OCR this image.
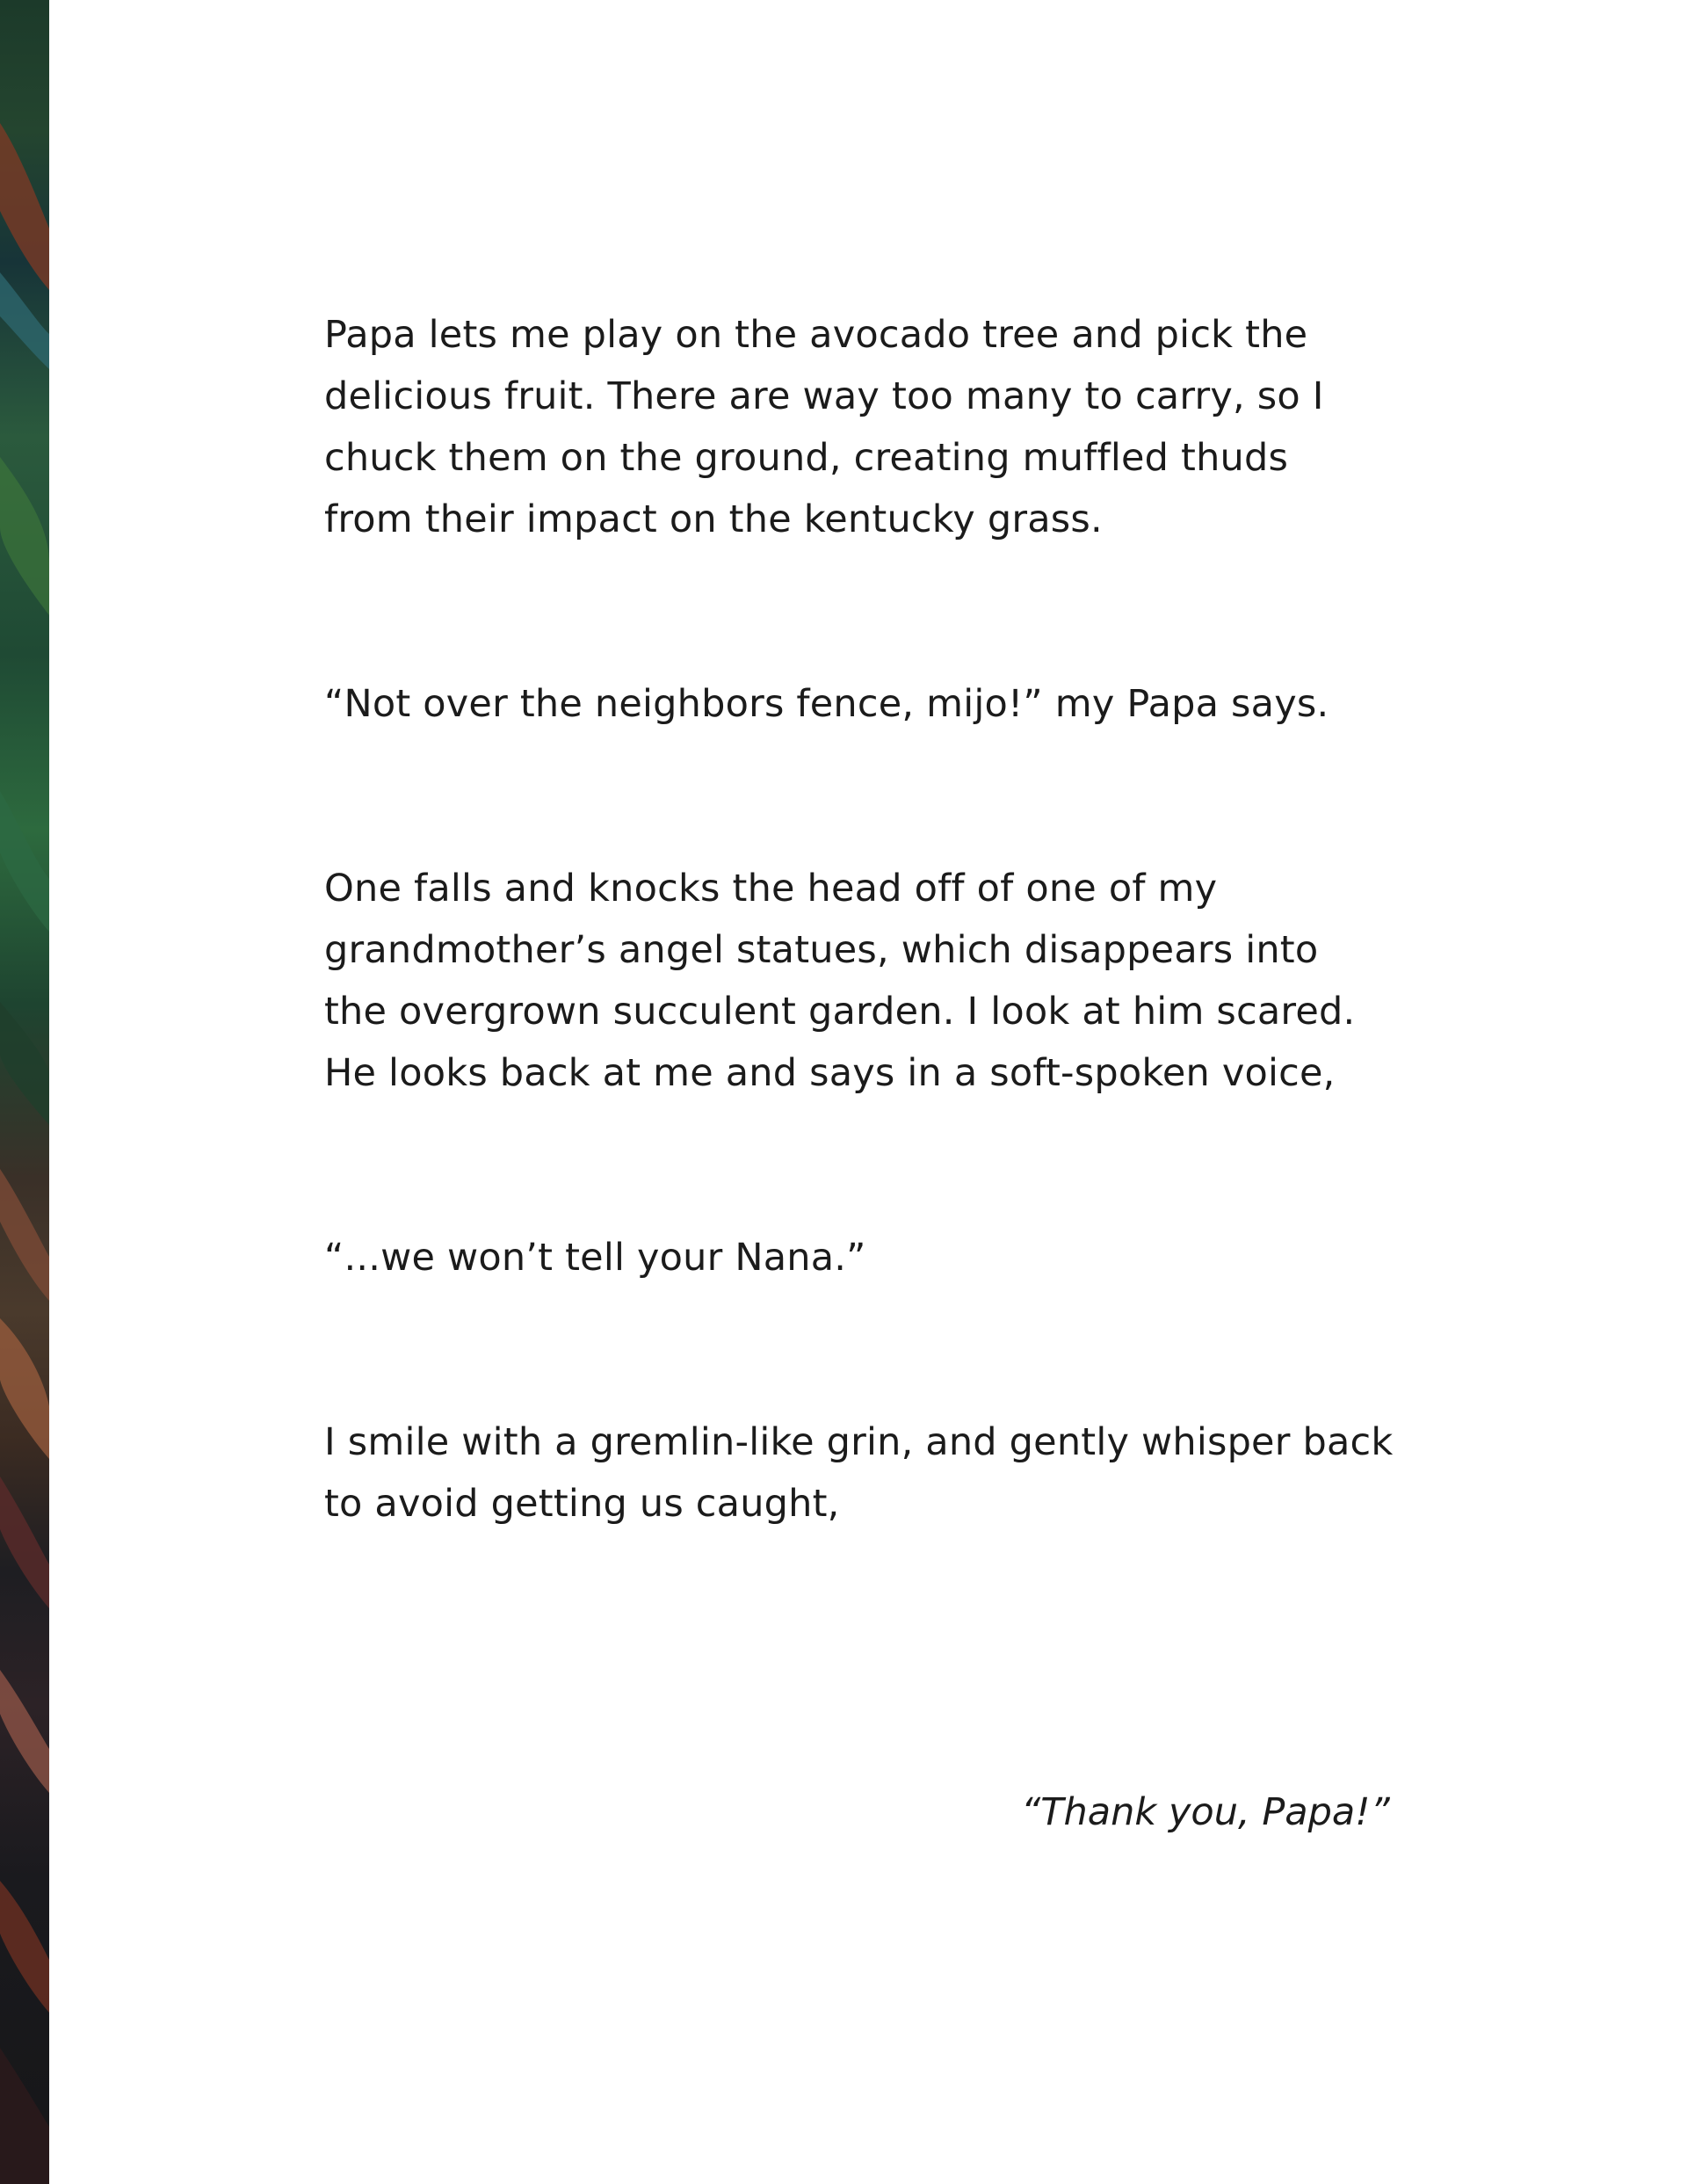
Papa lets me play on the avocado tree and pick the
delicious fruit. There are way too many to carry, so I
chuck them on the ground, creating muffled thuds
from their impact on the kentucky grass.

“Not over the neighbors fence, mijo!” my Papa says.

One falls and knocks the head off of one of my
grandmother’s angel statues, which disappears into
the overgrown succulent garden. I look at him scared.
He looks back at me and says in a soft-spoken voice,

“...we won’t tell your Nana.”

I smile with a gremlin-like grin, and gently whisper back
to avoid getting us caught,

“Thank you, Papa!”
